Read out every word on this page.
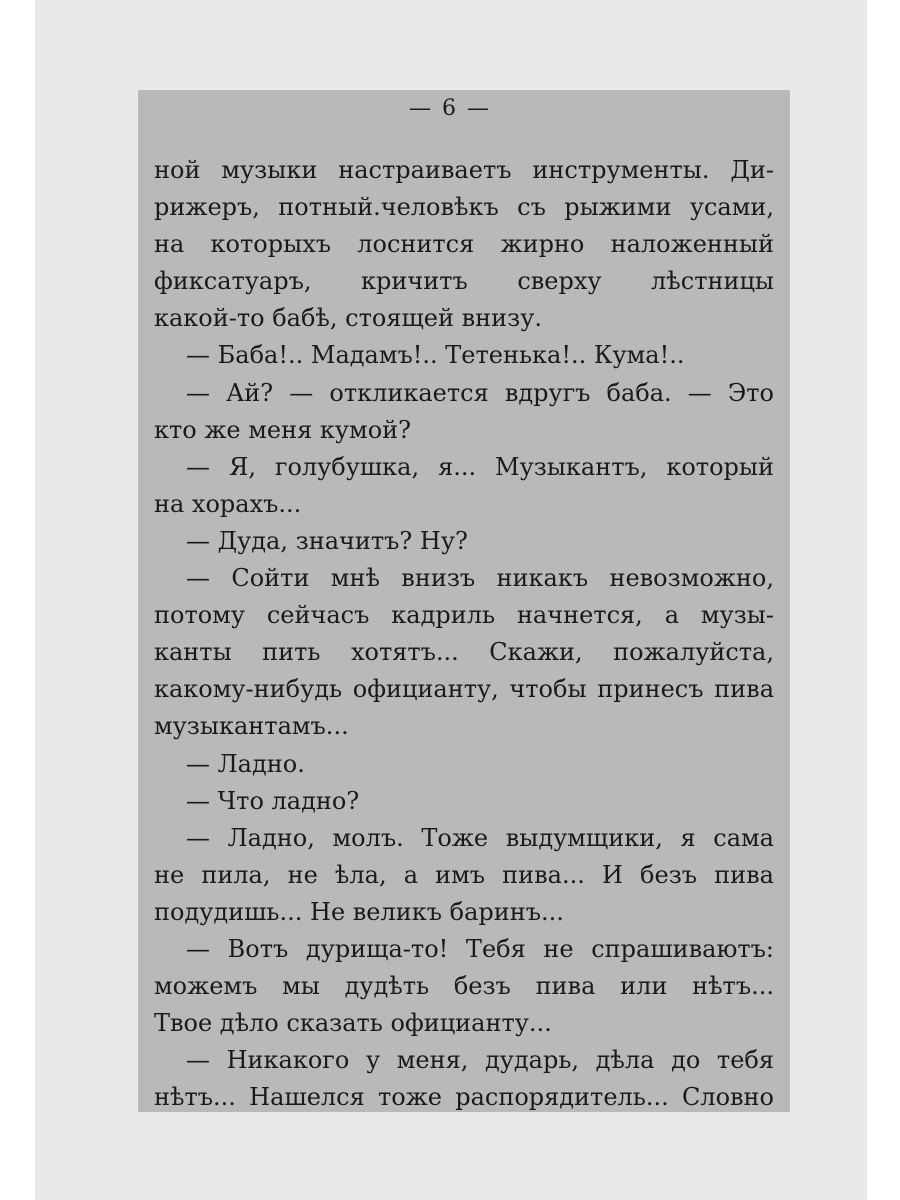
— 6 —
ной музыки настраиваетъ инструменты. Ди-
рижеръ, потный.человѣкъ съ рыжими усами,
на которыхъ лоснится жирно наложенный
фиксатуаръ, кричитъ сверху лѣстницы
какой-то бабѣ, стоящей внизу.
— Баба!.. Мадамъ!.. Тетенька!.. Кума!..
— Ай? — откликается вдругъ баба. — Это
кто же меня кумой?
— Я, голубушка, я... Музыкантъ, который
на хорахъ...
— Дуда, значитъ? Ну?
— Сойти мнѣ внизъ никакъ невозможно,
потому сейчасъ кадриль начнется, а музы-
канты пить хотятъ... Скажи, пожалуйста,
какому-нибудь официанту, чтобы принесъ пива
музыкантамъ...
— Ладно.
— Что ладно?
— Ладно, молъ. Тоже выдумщики, я сама
не пила, не ѣла, а имъ пива... И безъ пива
подудишь... Не великъ баринъ...
— Вотъ дурища-то! Тебя не спрашиваютъ:
можемъ мы дудѣть безъ пива или нѣтъ...
Твое дѣло сказать официанту...
— Никакого у меня, дударь, дѣла до тебя
нѣтъ... Нашелся тоже распорядитель... Словно
